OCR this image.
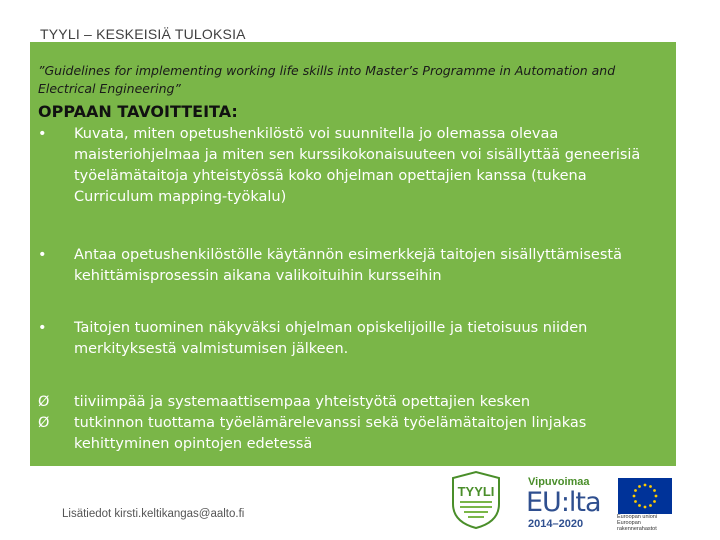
TYYLI – KESKEISIÄ TULOKSIA
”Guidelines for implementing working life skills into Master’s Programme in Automation and Electrical Engineering”
OPPAAN TAVOITTEITA:
•	Kuvata, miten opetushenkilöstö voi suunnitella jo olemassa olevaa maisteriohjelmaa ja miten sen kurssikokonaisuuteen voi sisällyttää geneerisiä työelämätaitoja yhteistyössä koko ohjelman opettajien kanssa (tukena Curriculum mapping-työkalu)
•	Antaa opetushenkilöstölle käytännön esimerkkejä taitojen sisällyttämisestä kehittämisprosessin aikana valikoituihin kursseihin
•	Taitojen tuominen näkyväksi ohjelman opiskelijoille ja tietoisuus niiden merkityksestä valmistumisen jälkeen.
Ø	tiiviimpää ja systemaattisempaa yhteistyötä opettajien kesken
Ø	tutkinnon tuottama työelämärelevanssi sekä työelämätaitojen linjakas kehittyminen opintojen edetessä
Lisätiedot kirsti.keltikangas@aalto.fi
TYYLI
Vipuvoimaa
EU:lta
2014–2020
Euroopan unioni
Euroopan rakennerahastot
